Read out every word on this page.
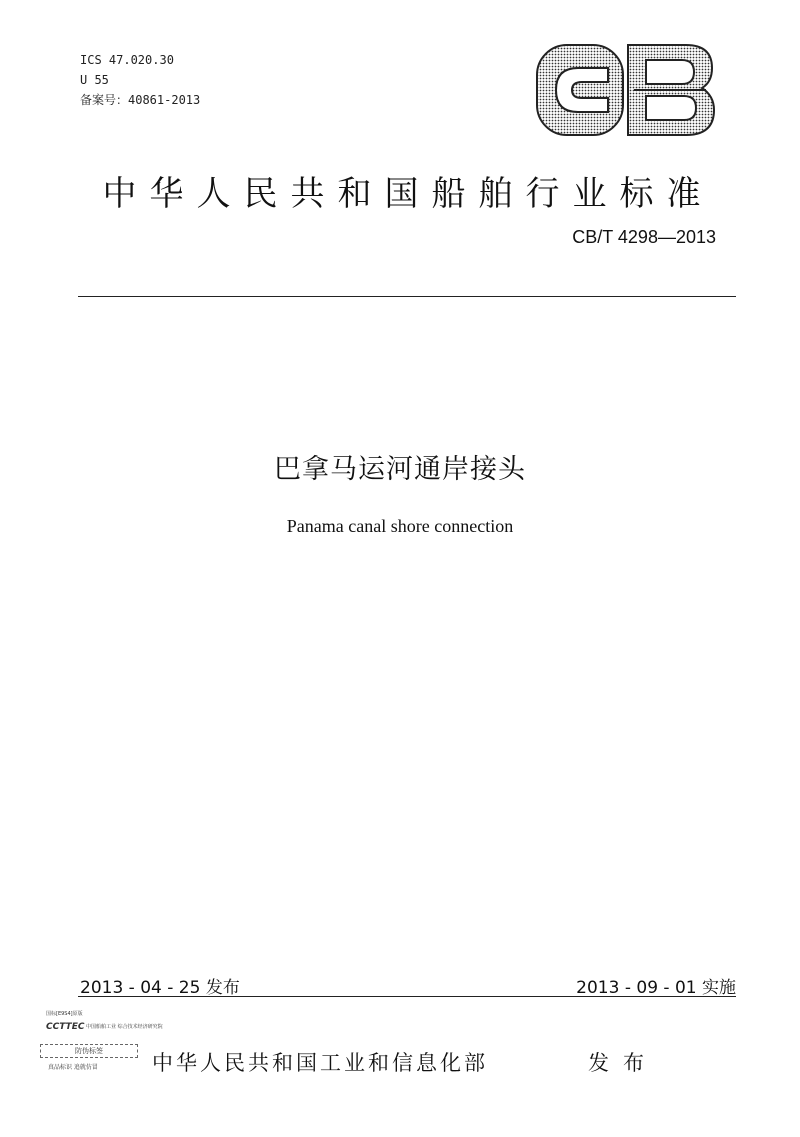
ICS 47.020.30
U 55
备案号：40861-2013
中华人民共和国船舶行业标准
CB/T 4298—2013
巴拿马运河通岸接头
Panama canal shore connection
2013 - 04 - 25 发布	2013 - 09 - 01 实施
国标[E9S4]原版
CCTTEC 中国船舶工业 综合技术经济研究院
防伪标签
真品标识 追就仿冒	中华人民共和国工业和信息化部	发布
